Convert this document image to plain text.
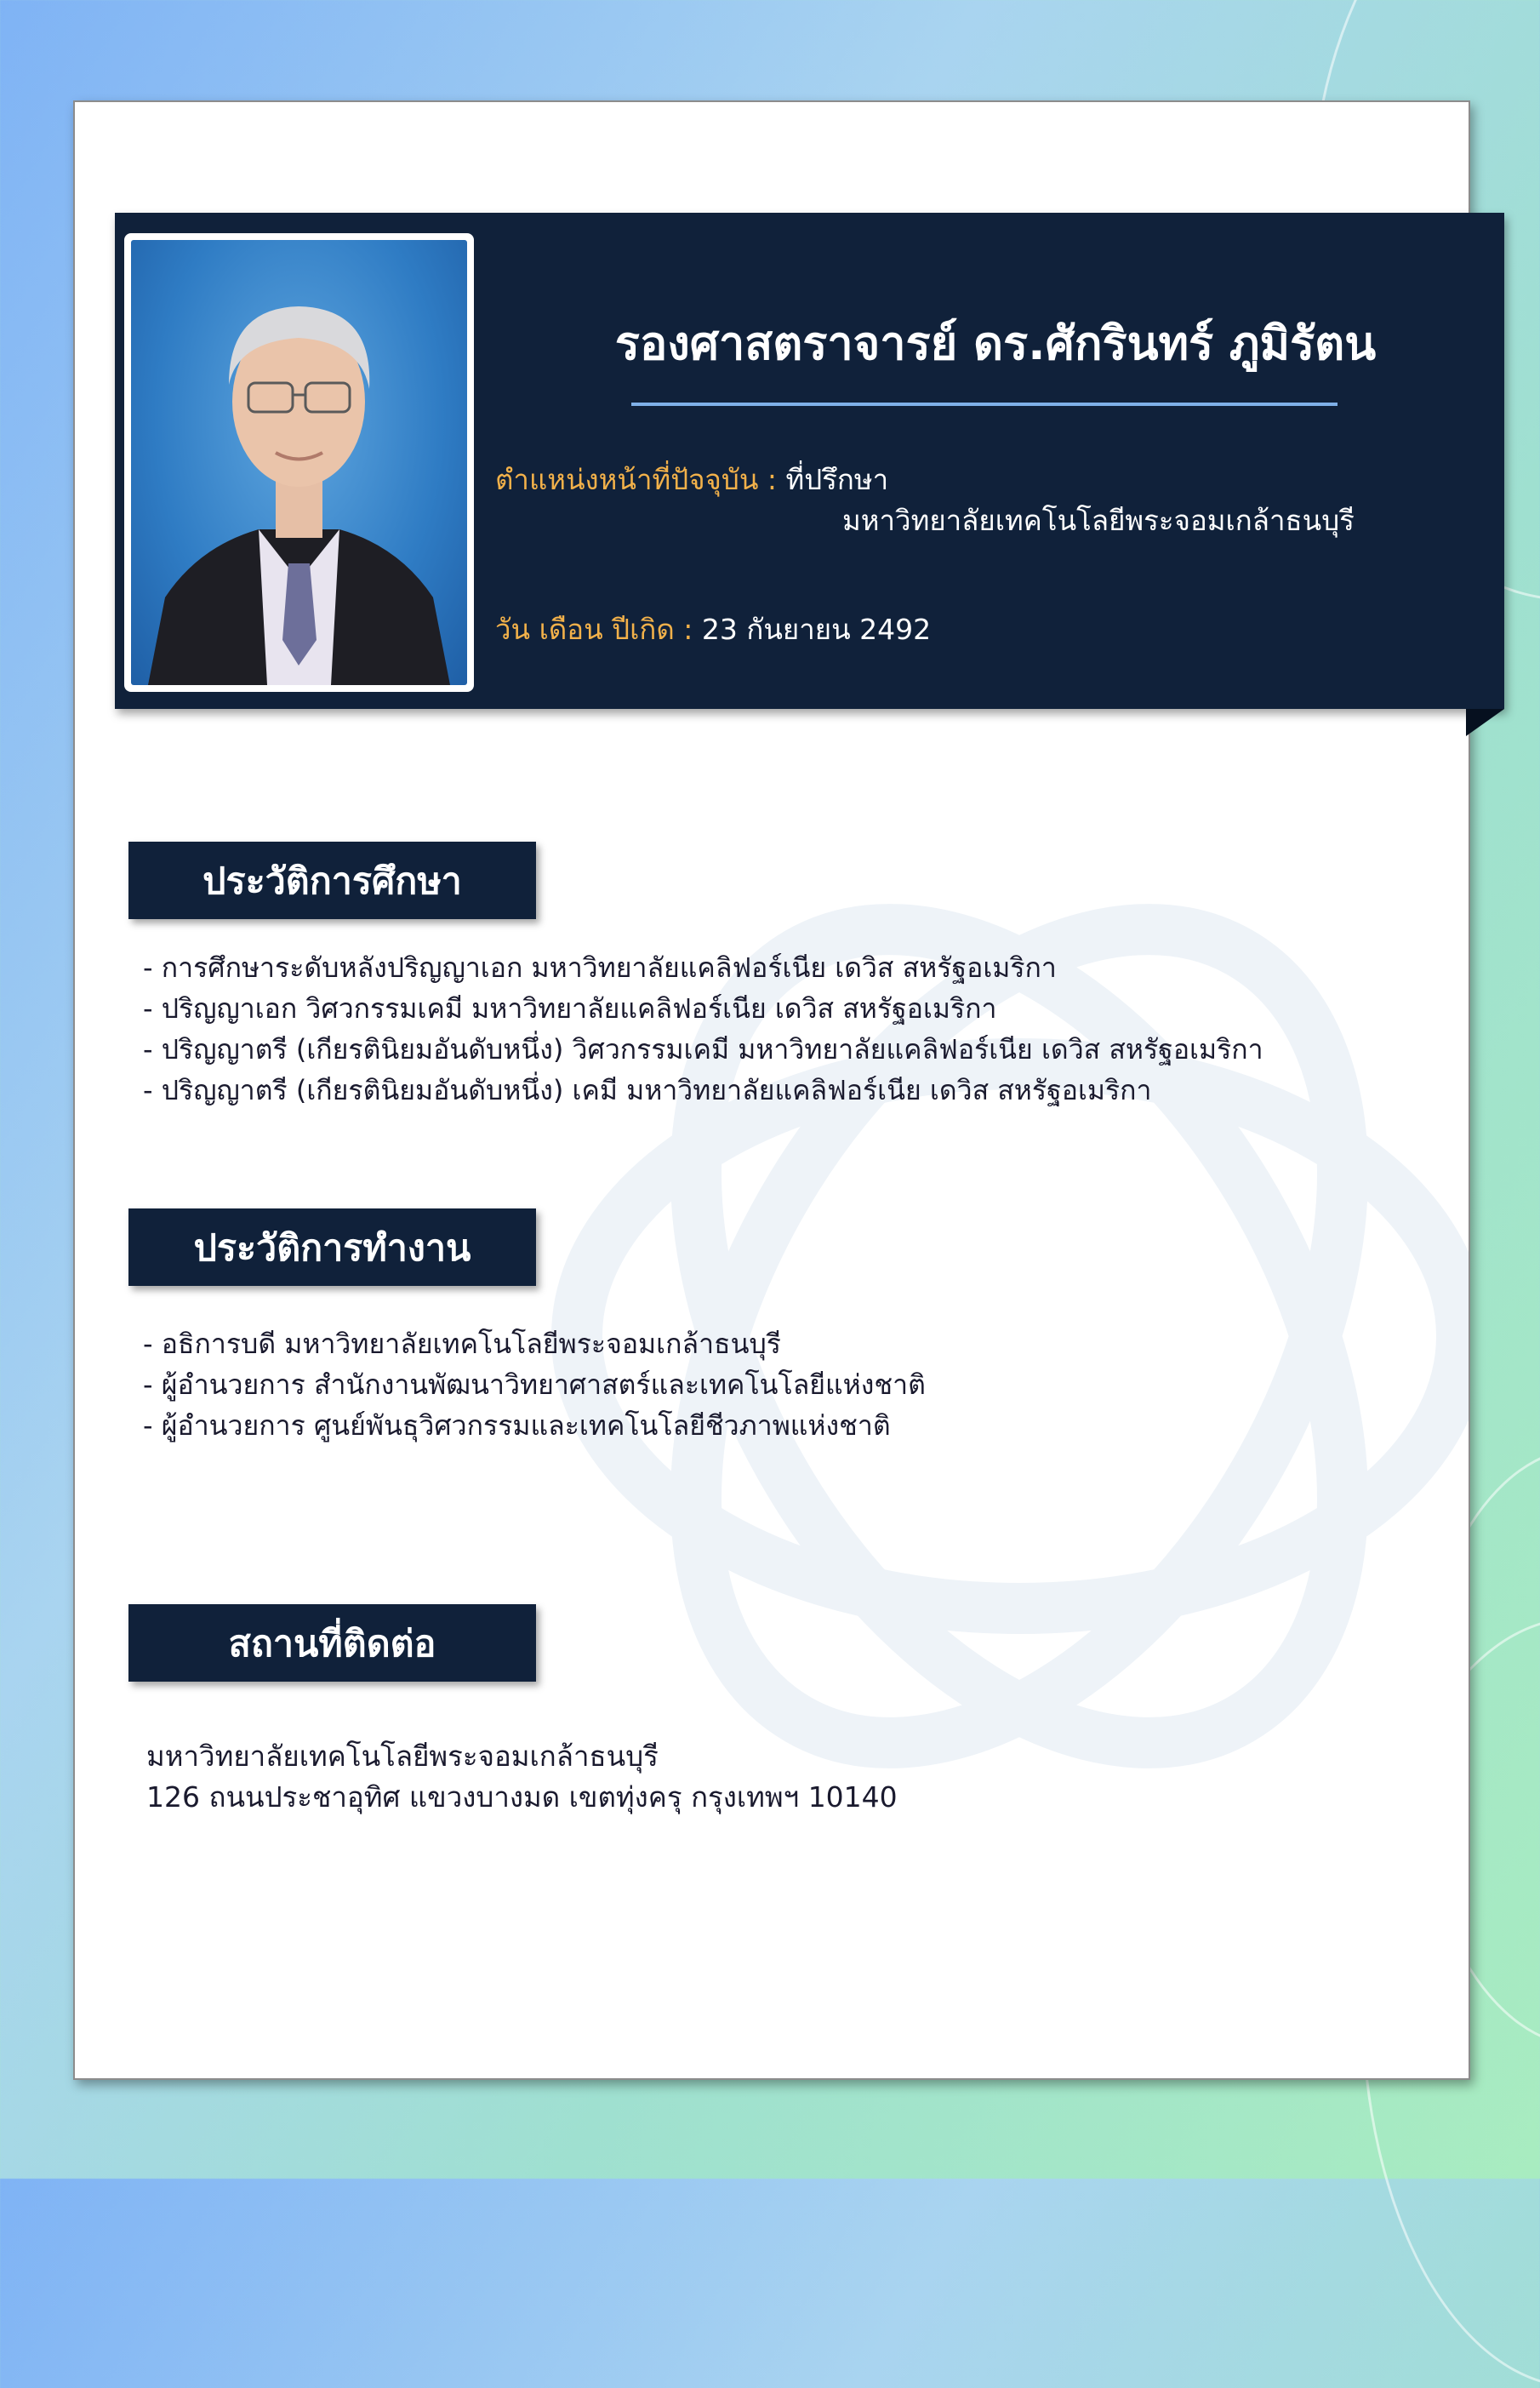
รองศาสตราจารย์ ดร.ศักรินทร์ ภูมิรัตน
ตำแหน่งหน้าที่ปัจจุบัน : ที่ปรึกษา
มหาวิทยาลัยเทคโนโลยีพระจอมเกล้าธนบุรี
วัน เดือน ปีเกิด : 23 กันยายน 2492
ประวัติการศึกษา
- การศึกษาระดับหลังปริญญาเอก มหาวิทยาลัยแคลิฟอร์เนีย เดวิส สหรัฐอเมริกา
- ปริญญาเอก วิศวกรรมเคมี มหาวิทยาลัยแคลิฟอร์เนีย เดวิส สหรัฐอเมริกา
- ปริญญาตรี (เกียรตินิยมอันดับหนึ่ง) วิศวกรรมเคมี มหาวิทยาลัยแคลิฟอร์เนีย เดวิส สหรัฐอเมริกา
- ปริญญาตรี (เกียรตินิยมอันดับหนึ่ง) เคมี มหาวิทยาลัยแคลิฟอร์เนีย เดวิส สหรัฐอเมริกา
ประวัติการทำงาน
- อธิการบดี มหาวิทยาลัยเทคโนโลยีพระจอมเกล้าธนบุรี
- ผู้อำนวยการ สำนักงานพัฒนาวิทยาศาสตร์และเทคโนโลยีแห่งชาติ
- ผู้อำนวยการ ศูนย์พันธุวิศวกรรมและเทคโนโลยีชีวภาพแห่งชาติ
สถานที่ติดต่อ
มหาวิทยาลัยเทคโนโลยีพระจอมเกล้าธนบุรี
126 ถนนประชาอุทิศ แขวงบางมด เขตทุ่งครุ กรุงเทพฯ 10140
